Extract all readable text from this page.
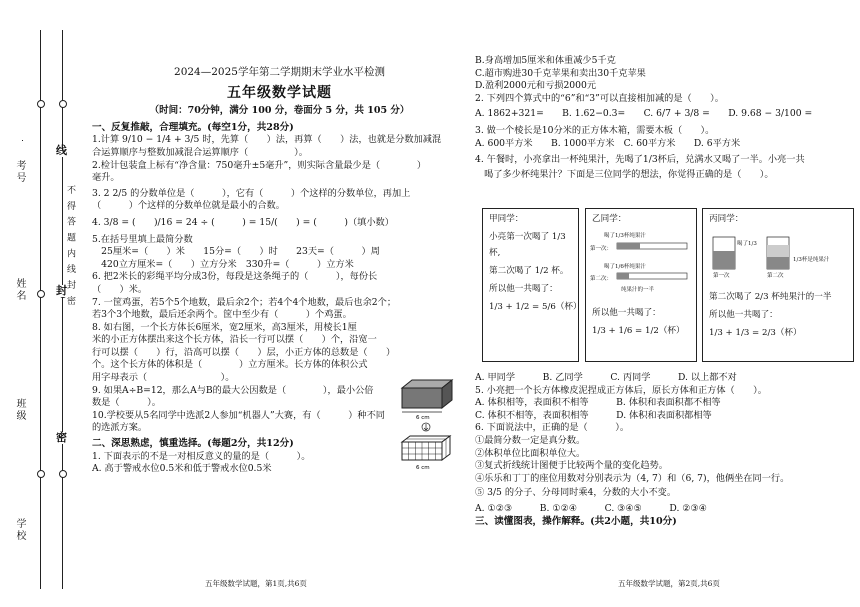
线
封
密
不 得 答 题 内 线 封 密
考号
姓名
班级
学校
2024—2025学年第二学期期末学业水平检测
五年级数学试题
（时间：70分钟，满分 100 分，卷面分 5 分，共 105 分）

一、反复推敲，合理填充。(每空1分，共28分)

1.计算 9/10 − 1/4 + 3/5 时，先算（　　）法，再算（　　）法，也就是分数加减混

合运算顺序与整数加减混合运算顺序（　　　　　）。

2.检计包装盒上标有“净含量：750毫升±5毫升”，则实际含量最少是（　　　　）

毫升。

3. 2 2/5 的分数单位是（　　　），它有（　　　）个这样的分数单位，再加上

（　　　）个这样的分数单位就是最小的合数。

4. 3/8 = (　　)/16 = 24 ÷ (　　　) = 15/(　　) = (　　　)（填小数）

5.在括号里填上最简分数

　25厘米=（　　）米　　15分=（　　）时　　23天=（　　　）周

　420立方厘米=（　　）立方分米　330升=（　　　）立方米

6. 把2米长的彩绳平均分成3份，每段是这条绳子的（　　　），每份长

（　　）米。

7. 一筐鸡蛋，若5个5个地数，最后余2个；若4个4个地数，最后也余2个；

若3个3个地数，最后还余两个。筐中至少有（　　　）个鸡蛋。

8. 如右图，一个长方体长6厘米，宽2厘米，高3厘米，用棱长1厘

米的小正方体摆出来这个长方体，沿长一行可以摆（　　）个，沿宽一

行可以摆（　　）行，沿高可以摆（　　）层，小正方体的总数是（　　）

个。这个长方体的体积是（　　　　）立方厘米。长方体的体积公式

用字母表示（　　　　　　　　）。

9. 如果A÷B=12，那么A与B的最大公因数是（　　　　），最小公倍

数是（　　　）。

10.学校要从5名同学中选派2人参加“机器人”大赛，有（　　　）种不同

的选派方案。

二、深思熟虑，慎重选择。(每题2分，共12分)

1. 下面表示的不是一对相反意义的量的是（　　　）。

A. 高于警戒水位0.5米和低于警戒水位0.5米

6 cm
6 cm
五年级数学试题，第1页,共6页

B.身高增加5厘米和体重减少5千克

C.超市购进30千克苹果和卖出30千克苹果

D.盈利2000元和亏损2000元

2. 下列四个算式中的“6”和“3”可以直接相加减的是（　　）。

A. 1862+321=　　B. 1.62−0.3=　　C. 6/7 + 3/8 =　　D. 9.68 − 3/100 =

3. 做一个棱长是10分米的正方体木箱，需要木板（　　）。

A. 600平方米　　B. 1000平方米　C. 60平方米　　D. 6平方米

4. 午餐时，小亮拿出一杯纯果汁，先喝了1/3杯后，兑满水又喝了一半。小亮一共

　喝了多少杯纯果汁？下面是三位同学的想法，你觉得正确的是（　　）。

甲同学：

小亮第一次喝了 1/3

杯,

第二次喝了 1/2 杯。

所以他一共喝了：

1/3 + 1/2 = 5/6（杯）

乙同学：

喝了1/3杯纯果汁
第一次：
喝了1/6杯纯果汁
第二次：
纯果汁的一半

所以他一共喝了：

1/3 + 1/6 = 1/2（杯）

丙同学：

喝了1/3
1/3杯是纯果汁
第一次	第二次

第二次喝了 2/3 杯纯果汁的一半

所以他一共喝了：

1/3 + 1/3 = 2/3（杯）

A. 甲同学　　　B. 乙同学　　　C. 丙同学　　　D. 以上都不对

5. 小亮把一个长方体橡皮泥捏成正方体后，原长方体和正方体（　　）。

A. 体积相等，表面积不相等　　　B. 体积和表面积都不相等

C. 体积不相等，表面积相等　　　D. 体积和表面积都相等

6. 下面说法中，正确的是（　　　）。

①最简分数一定是真分数。

②体积单位比面积单位大。

③复式折线统计图便于比较两个量的变化趋势。

④乐乐和丁丁的座位用数对分别表示为（4, 7）和（6, 7)，他俩坐在同一行。

⑤ 3/5 的分子、分母同时乘4，分数的大小不变。

A. ①②③　　　B. ①②④　　　C. ③④⑤　　　D. ②③④

三、读懂图表，操作解释。(共2小题，共10分)

五年级数学试题，第2页,共6页
